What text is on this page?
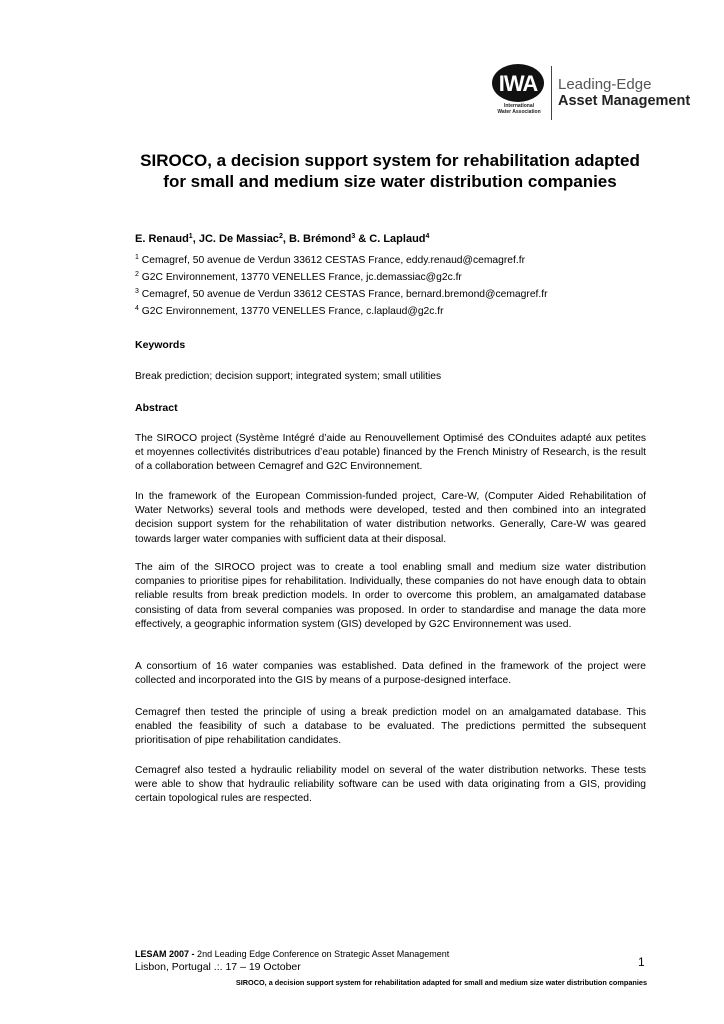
IWA
International
Water Association
Leading-Edge
Asset Management
SIROCO, a decision support system for rehabilitation adapted
for small and medium size water distribution companies
E. Renaud$^1$, JC. De Massiac$^2$, B. Brémond$^3$ & C. Laplaud$^4$
$^1$ Cemagref, 50 avenue de Verdun 33612 CESTAS France, eddy.renaud@cemagref.fr
$^2$ G2C Environnement, 13770 VENELLES France, jc.demassiac@g2c.fr
$^3$ Cemagref, 50 avenue de Verdun 33612 CESTAS France, bernard.bremond@cemagref.fr
$^4$ G2C Environnement, 13770 VENELLES France, c.laplaud@g2c.fr
Keywords
Break prediction; decision support; integrated system; small utilities
Abstract

The SIROCO project (Système Intégré d’aide au Renouvellement Optimisé des COnduites adapté aux petites et moyennes collectivités distributrices d’eau potable) financed by the French Ministry of Research, is the result of a collaboration between Cemagref and G2C Environnement.

In the framework of the European Commission-funded project, Care-W, (Computer Aided Rehabilitation of Water Networks) several tools and methods were developed, tested and then combined into an integrated decision support system for the rehabilitation of water distribution networks. Generally, Care-W was geared towards larger water companies with sufficient data at their disposal.

The aim of the SIROCO project was to create a tool enabling small and medium size water distribution companies to prioritise pipes for rehabilitation. Individually, these companies do not have enough data to obtain reliable results from break prediction models. In order to overcome this problem, an amalgamated database consisting of data from several companies was proposed. In order to standardise and manage the data more effectively, a geographic information system (GIS) developed by G2C Environnement was used.

A consortium of 16 water companies was established. Data defined in the framework of the project were collected and incorporated into the GIS by means of a purpose-designed interface.

Cemagref then tested the principle of using a break prediction model on an amalgamated database. This enabled the feasibility of such a database to be evaluated. The predictions permitted the subsequent prioritisation of pipe rehabilitation candidates.

Cemagref also tested a hydraulic reliability model on several of the water distribution networks. These tests were able to show that hydraulic reliability software can be used with data originating from a GIS, providing certain topological rules are respected.

LESAM 2007 - 2nd Leading Edge Conference on Strategic Asset Management
Lisbon, Portugal .:. 17 – 19 October	1
SIROCO, a decision support system for rehabilitation adapted for small and medium size water distribution companies
